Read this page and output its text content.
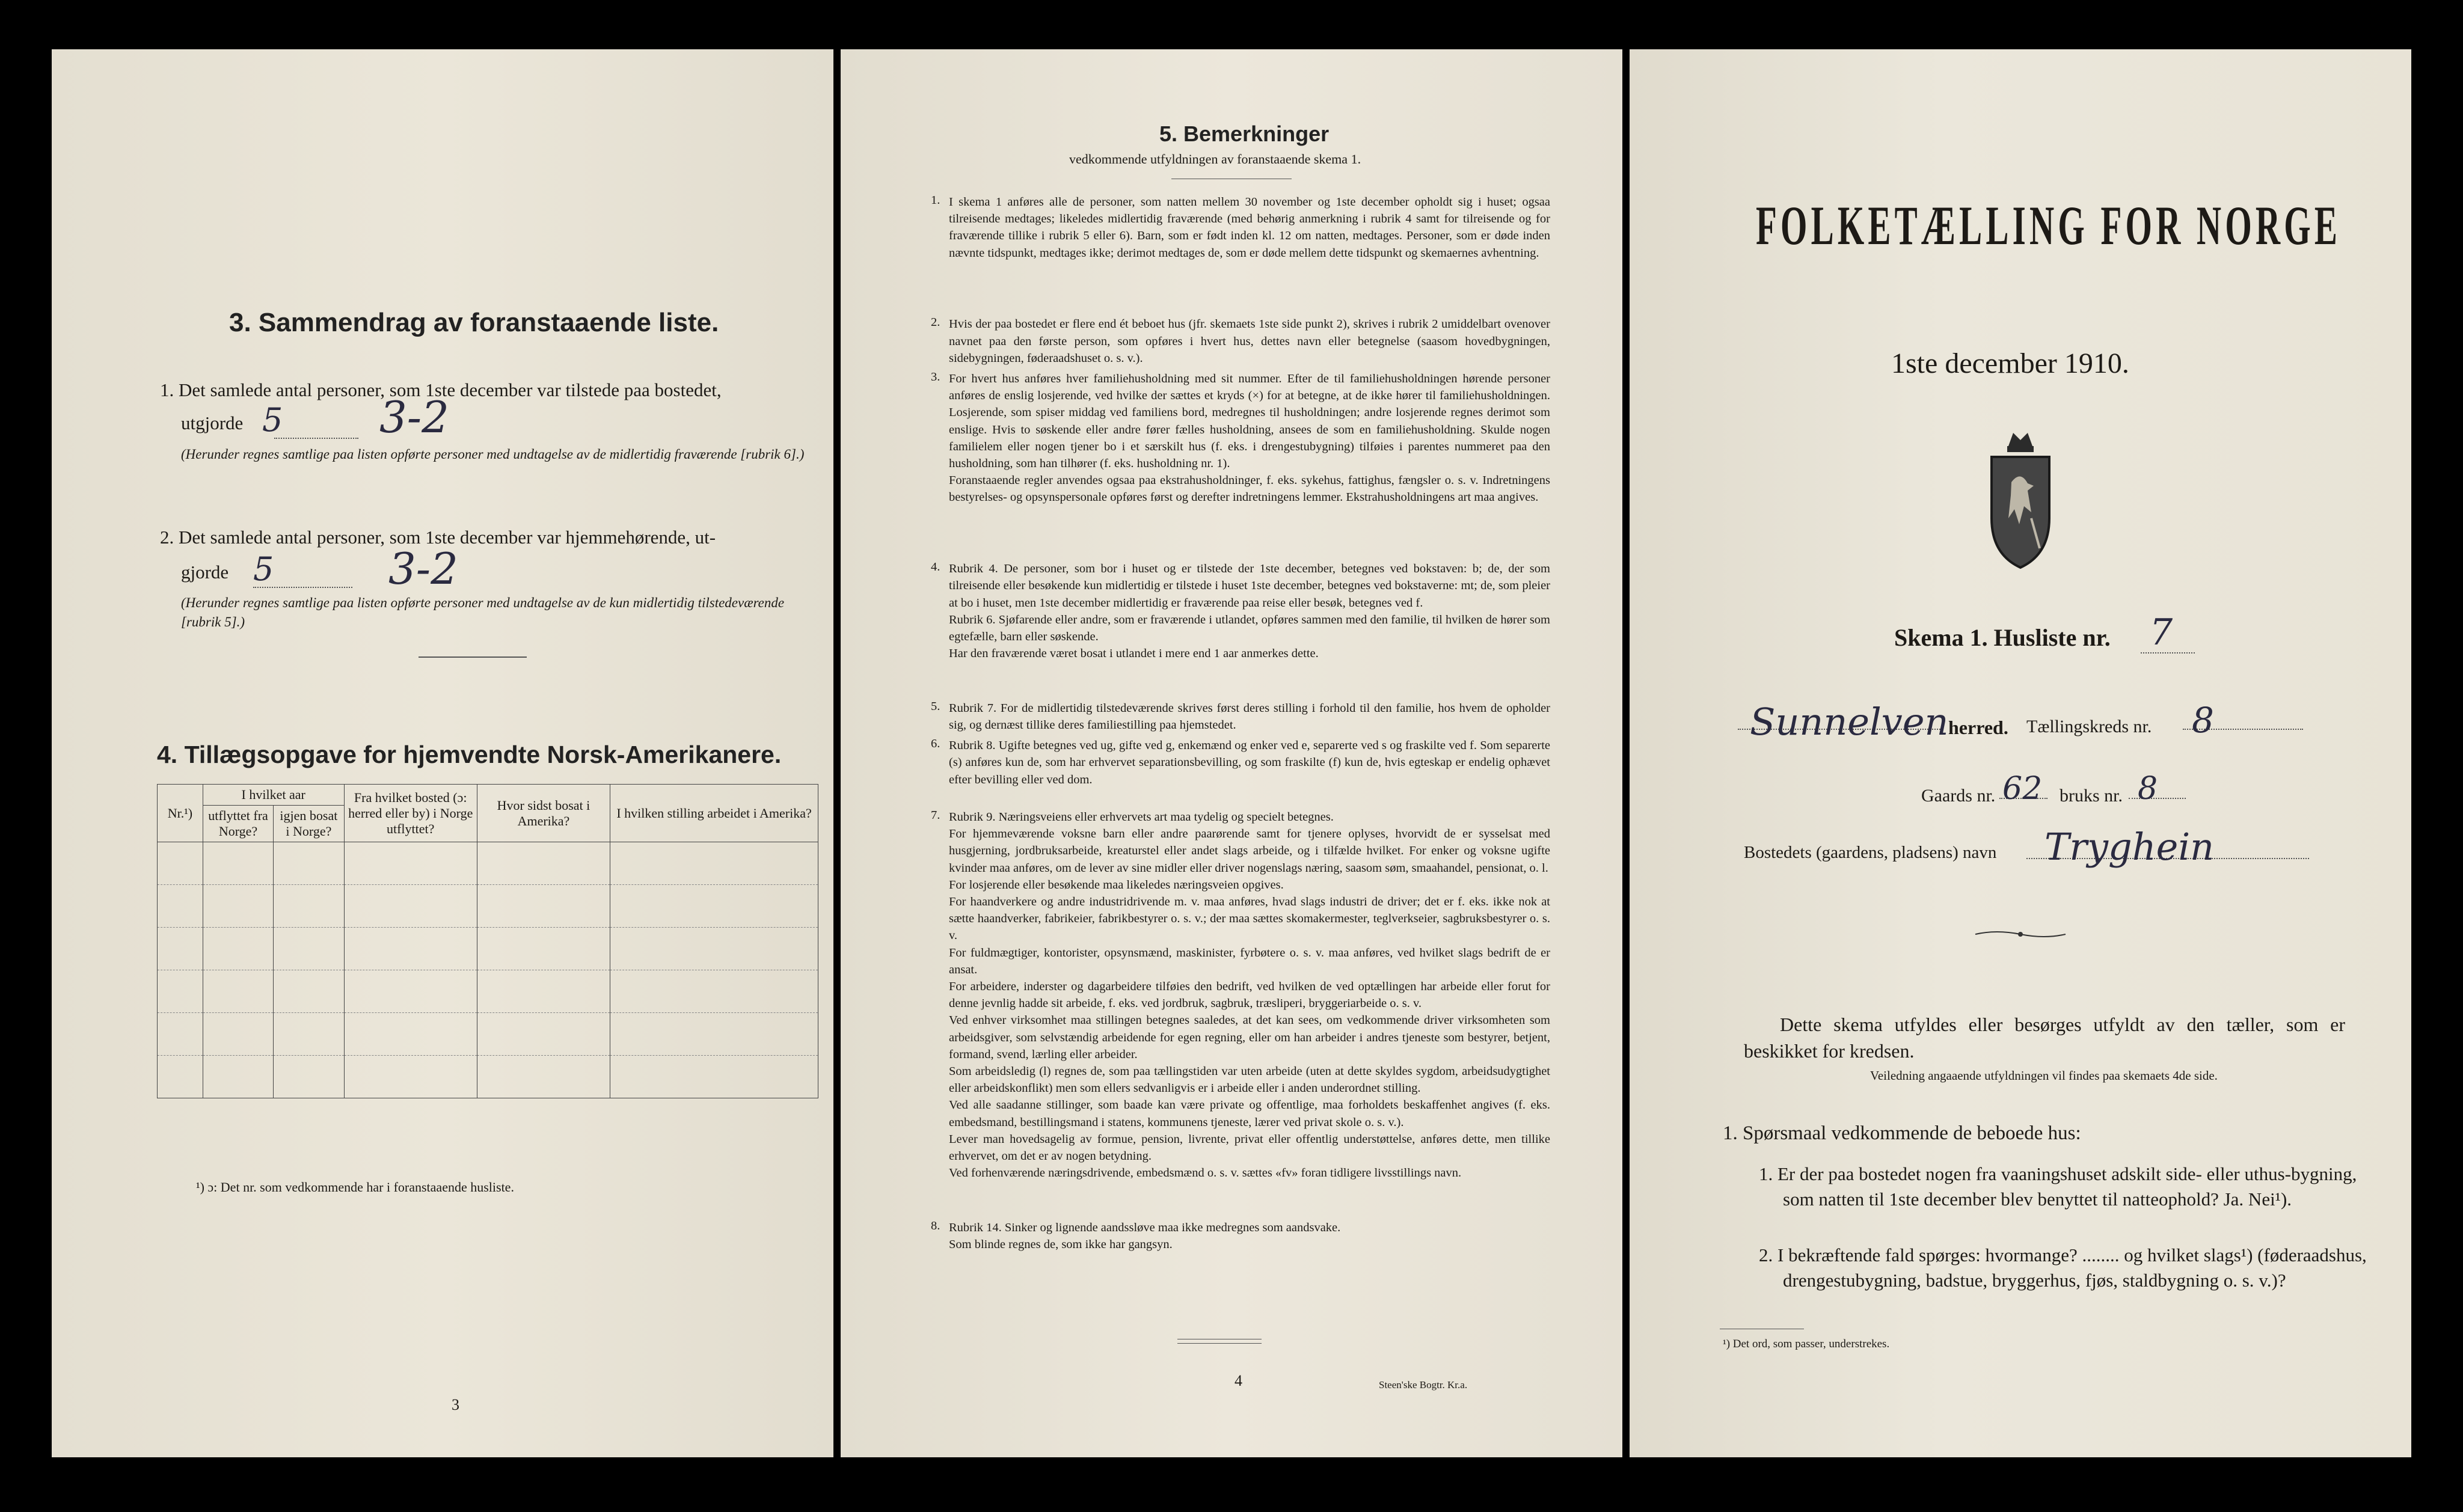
3. Sammendrag av foranstaaende liste.
1. Det samlede antal personer, som 1ste december var tilstede paa bostedet,
utgjorde 5 3-2
(Herunder regnes samtlige paa listen opførte personer med undtagelse av de midlertidig fraværende [rubrik 6].)
2. Det samlede antal personer, som 1ste december var hjemmehørende, ut-
gjorde 5	3-2
(Herunder regnes samtlige paa listen opførte personer med undtagelse av de kun midlertidig tilstedeværende [rubrik 5].)
4. Tillægsopgave for hjemvendte Norsk-Amerikanere.
Nr.¹)	I hvilket aar		Fra hvilket bosted (ɔ: herred eller by) i Norge utflyttet?	Hvor sidst bosat i Amerika?	I hvilken stilling arbeidet i Amerika?
	utflyttet fra Norge?	igjen bosat i Norge?			

¹) ɔ: Det nr. som vedkommende har i foranstaaende husliste.
3
5. Bemerkninger
vedkommende utfyldningen av foranstaaende skema 1.
I skema 1 anføres alle de personer, som natten mellem 30 november og 1ste december opholdt sig i huset; ogsaa tilreisende medtages; likeledes midlertidig fraværende (med behørig anmerkning i rubrik 4 samt for tilreisende og for fraværende tillike i rubrik 5 eller 6). Barn, som er født inden kl. 12 om natten, medtages. Personer, som er døde inden nævnte tidspunkt, medtages ikke; derimot medtages de, som er døde mellem dette tidspunkt og skemaernes avhentning.
1.
Hvis der paa bostedet er flere end ét beboet hus (jfr. skemaets 1ste side punkt 2), skrives i rubrik 2 umiddelbart ovenover navnet paa den første person, som opføres i hvert hus, dettes navn eller betegnelse (saasom hovedbygningen, sidebygningen, føderaadshuset o. s. v.).
2.
For hvert hus anføres hver familiehusholdning med sit nummer. Efter de til familiehusholdningen hørende personer anføres de enslig losjerende, ved hvilke der sættes et kryds (×) for at betegne, at de ikke hører til familiehusholdningen. Losjerende, som spiser middag ved familiens bord, medregnes til husholdningen; andre losjerende regnes derimot som enslige. Hvis to søskende eller andre fører fælles husholdning, ansees de som en familiehusholdning. Skulde nogen familielem eller nogen tjener bo i et særskilt hus (f. eks. i drengestubygning) tilføies i parentes nummeret paa den husholdning, som han tilhører (f. eks. husholdning nr. 1).
Foranstaaende regler anvendes ogsaa paa ekstrahusholdninger, f. eks. sykehus, fattighus, fængsler o. s. v. Indretningens bestyrelses- og opsynspersonale opføres først og derefter indretningens lemmer. Ekstrahusholdningens art maa angives.
3.
Rubrik 4. De personer, som bor i huset og er tilstede der 1ste december, betegnes ved bokstaven: b; de, der som tilreisende eller besøkende kun midlertidig er tilstede i huset 1ste december, betegnes ved bokstaverne: mt; de, som pleier at bo i huset, men 1ste december midlertidig er fraværende paa reise eller besøk, betegnes ved f.
Rubrik 6. Sjøfarende eller andre, som er fraværende i utlandet, opføres sammen med den familie, til hvilken de hører som egtefælle, barn eller søskende.
Har den fraværende været bosat i utlandet i mere end 1 aar anmerkes dette.
4.
Rubrik 7. For de midlertidig tilstedeværende skrives først deres stilling i forhold til den familie, hos hvem de opholder sig, og dernæst tillike deres familiestilling paa hjemstedet.
5.
Rubrik 8. Ugifte betegnes ved ug, gifte ved g, enkemænd og enker ved e, separerte ved s og fraskilte ved f. Som separerte (s) anføres kun de, som har erhvervet separationsbevilling, og som fraskilte (f) kun de, hvis egteskap er endelig ophævet efter bevilling eller ved dom.
6.
Rubrik 9. Næringsveiens eller erhvervets art maa tydelig og specielt betegnes.
For hjemmeværende voksne barn eller andre paarørende samt for tjenere oplyses, hvorvidt de er sysselsat med husgjerning, jordbruksarbeide, kreaturstel eller andet slags arbeide, og i tilfælde hvilket. For enker og voksne ugifte kvinder maa anføres, om de lever av sine midler eller driver nogenslags næring, saasom søm, smaahandel, pensionat, o. l.
For losjerende eller besøkende maa likeledes næringsveien opgives.
For haandverkere og andre industridrivende m. v. maa anføres, hvad slags industri de driver; det er f. eks. ikke nok at sætte haandverker, fabrikeier, fabrikbestyrer o. s. v.; der maa sættes skomakermester, teglverkseier, sagbruksbestyrer o. s. v.
For fuldmægtiger, kontorister, opsynsmænd, maskinister, fyrbøtere o. s. v. maa anføres, ved hvilket slags bedrift de er ansat.
For arbeidere, inderster og dagarbeidere tilføies den bedrift, ved hvilken de ved optællingen har arbeide eller forut for denne jevnlig hadde sit arbeide, f. eks. ved jordbruk, sagbruk, træsliperi, bryggeriarbeide o. s. v.
Ved enhver virksomhet maa stillingen betegnes saaledes, at det kan sees, om vedkommende driver virksomheten som arbeidsgiver, som selvstændig arbeidende for egen regning, eller om han arbeider i andres tjeneste som bestyrer, betjent, formand, svend, lærling eller arbeider.
Som arbeidsledig (l) regnes de, som paa tællingstiden var uten arbeide (uten at dette skyldes sygdom, arbeidsudygtighet eller arbeidskonflikt) men som ellers sedvanligvis er i arbeide eller i anden underordnet stilling.
Ved alle saadanne stillinger, som baade kan være private og offentlige, maa forholdets beskaffenhet angives (f. eks. embedsmand, bestillingsmand i statens, kommunens tjeneste, lærer ved privat skole o. s. v.).
Lever man hovedsagelig av formue, pension, livrente, privat eller offentlig understøttelse, anføres dette, men tillike erhvervet, om det er av nogen betydning.
Ved forhenværende næringsdrivende, embedsmænd o. s. v. sættes «fv» foran tidligere livsstillings navn.
7.
Rubrik 14. Sinker og lignende aandssløve maa ikke medregnes som aandsvake.
Som blinde regnes de, som ikke har gangsyn.
8.
4	Steen'ske Bogtr. Kr.a.
FOLKETÆLLING FOR NORGE
1ste december 1910.
Skema 1. Husliste nr. 7
Sunnelven herred. Tællingskreds nr. 8
Gaards nr. 62 bruks nr. 8
Bostedets (gaardens, pladsens) navn Tryghein
Dette skema utfyldes eller besørges utfyldt av den tæller, som er beskikket for kredsen.
Veiledning angaaende utfyldningen vil findes paa skemaets 4de side.
1. Spørsmaal vedkommende de beboede hus:
1. Er der paa bostedet nogen fra vaaningshuset adskilt side- eller uthus-bygning, som natten til 1ste december blev benyttet til natteophold? Ja. Nei¹).
2. I bekræftende fald spørges: hvormange? ........ og hvilket slags¹) (føderaadshus, drengestubygning, badstue, bryggerhus, fjøs, staldbygning o. s. v.)?
¹) Det ord, som passer, understrekes.
